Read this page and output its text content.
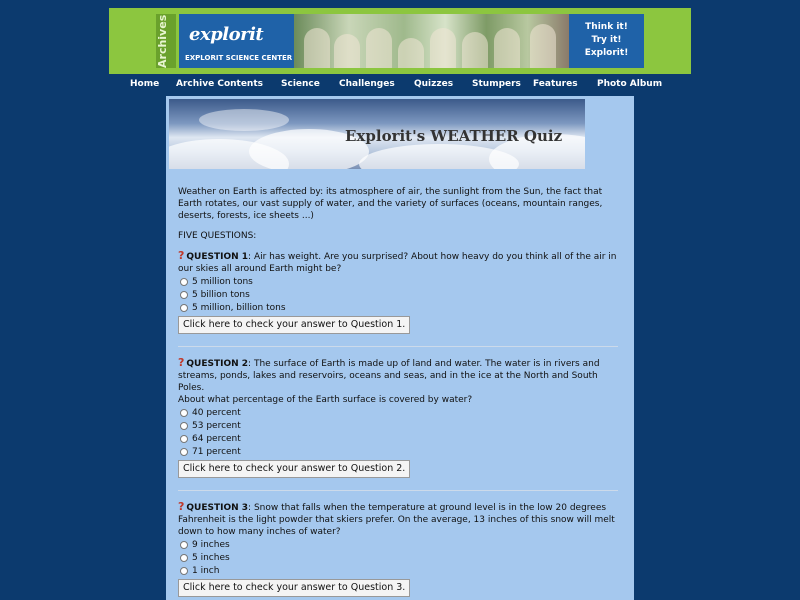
Archives	explorit
EXPLORIT SCIENCE CENTER
Think it!
Try it!
Explorit!
Home Archive Contents Science Challenges Quizzes Stumpers Features Photo Album
Explorit's WEATHER Quiz

Weather on Earth is affected by: its atmosphere of air, the sunlight from the Sun, the fact that Earth rotates, our vast supply of water, and the variety of surfaces (oceans, mountain ranges, deserts, forests, ice sheets ...)

FIVE QUESTIONS:

? QUESTION 1: Air has weight. Are you surprised? About how heavy do you think all of the air in our skies all around Earth might be?

5 million tons
5 billion tons
5 million, billion tons
Click here to check your answer to Question 1.

? QUESTION 2: The surface of Earth is made up of land and water. The water is in rivers and streams, ponds, lakes and reservoirs, oceans and seas, and in the ice at the North and South Poles.

About what percentage of the Earth surface is covered by water?

40 percent
53 percent
64 percent
71 percent
Click here to check your answer to Question 2.

? QUESTION 3: Snow that falls when the temperature at ground level is in the low 20 degrees Fahrenheit is the light powder that skiers prefer. On the average, 13 inches of this snow will melt down to how many inches of water?

9 inches
5 inches
1 inch
Click here to check your answer to Question 3.
